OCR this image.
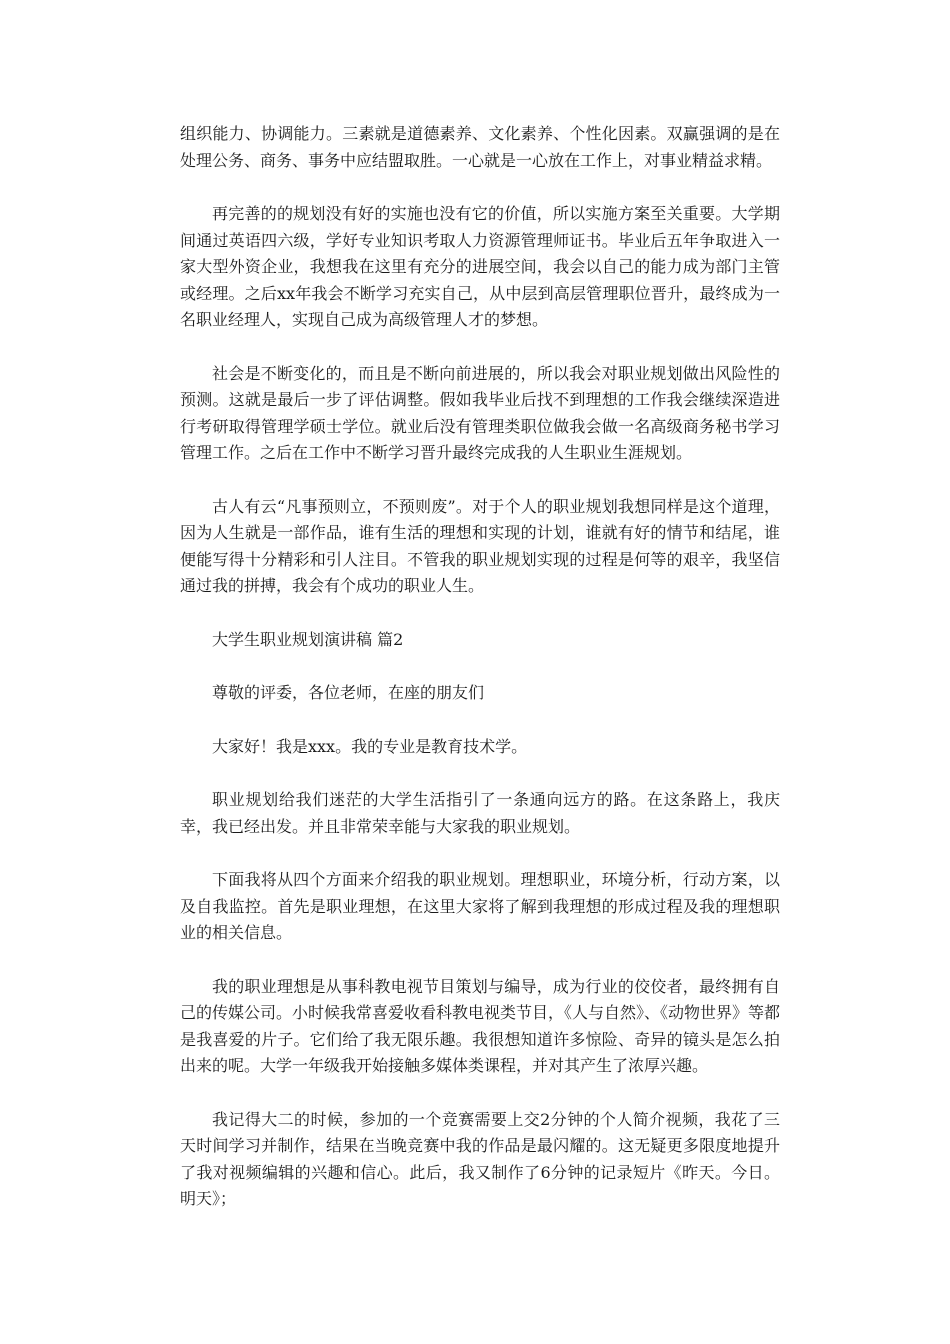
组织能力、协调能力。三素就是道德素养、文化素养、个性化因素。双赢强调的是在处理公务、商务、事务中应结盟取胜。一心就是一心放在工作上，对事业精益求精。

再完善的的规划没有好的实施也没有它的价值，所以实施方案至关重要。大学期间通过英语四六级，学好专业知识考取人力资源管理师证书。毕业后五年争取进入一家大型外资企业，我想我在这里有充分的进展空间，我会以自己的能力成为部门主管或经理。之后xx年我会不断学习充实自己，从中层到高层管理职位晋升，最终成为一名职业经理人，实现自己成为高级管理人才的梦想。

社会是不断变化的，而且是不断向前进展的，所以我会对职业规划做出风险性的预测。这就是最后一步了评估调整。假如我毕业后找不到理想的工作我会继续深造进行考研取得管理学硕士学位。就业后没有管理类职位做我会做一名高级商务秘书学习管理工作。之后在工作中不断学习晋升最终完成我的人生职业生涯规划。

古人有云“凡事预则立，不预则废”。对于个人的职业规划我想同样是这个道理，因为人生就是一部作品，谁有生活的理想和实现的计划，谁就有好的情节和结尾，谁便能写得十分精彩和引人注目。不管我的职业规划实现的过程是何等的艰辛，我坚信通过我的拼搏，我会有个成功的职业人生。

大学生职业规划演讲稿 篇2

尊敬的评委，各位老师，在座的朋友们

大家好！我是xxx。我的专业是教育技术学。

职业规划给我们迷茫的大学生活指引了一条通向远方的路。在这条路上，我庆幸，我已经出发。并且非常荣幸能与大家我的职业规划。

下面我将从四个方面来介绍我的职业规划。理想职业，环境分析，行动方案，以及自我监控。首先是职业理想，在这里大家将了解到我理想的形成过程及我的理想职业的相关信息。

我的职业理想是从事科教电视节目策划与编导，成为行业的佼佼者，最终拥有自己的传媒公司。小时候我常喜爱收看科教电视类节目，《人与自然》、《动物世界》等都是我喜爱的片子。它们给了我无限乐趣。我很想知道许多惊险、奇异的镜头是怎么拍出来的呢。大学一年级我开始接触多媒体类课程，并对其产生了浓厚兴趣。

我记得大二的时候，参加的一个竞赛需要上交2分钟的个人简介视频，我花了三天时间学习并制作，结果在当晚竞赛中我的作品是最闪耀的。这无疑更多限度地提升了我对视频编辑的兴趣和信心。此后，我又制作了6分钟的记录短片《昨天。今日。明天》；
